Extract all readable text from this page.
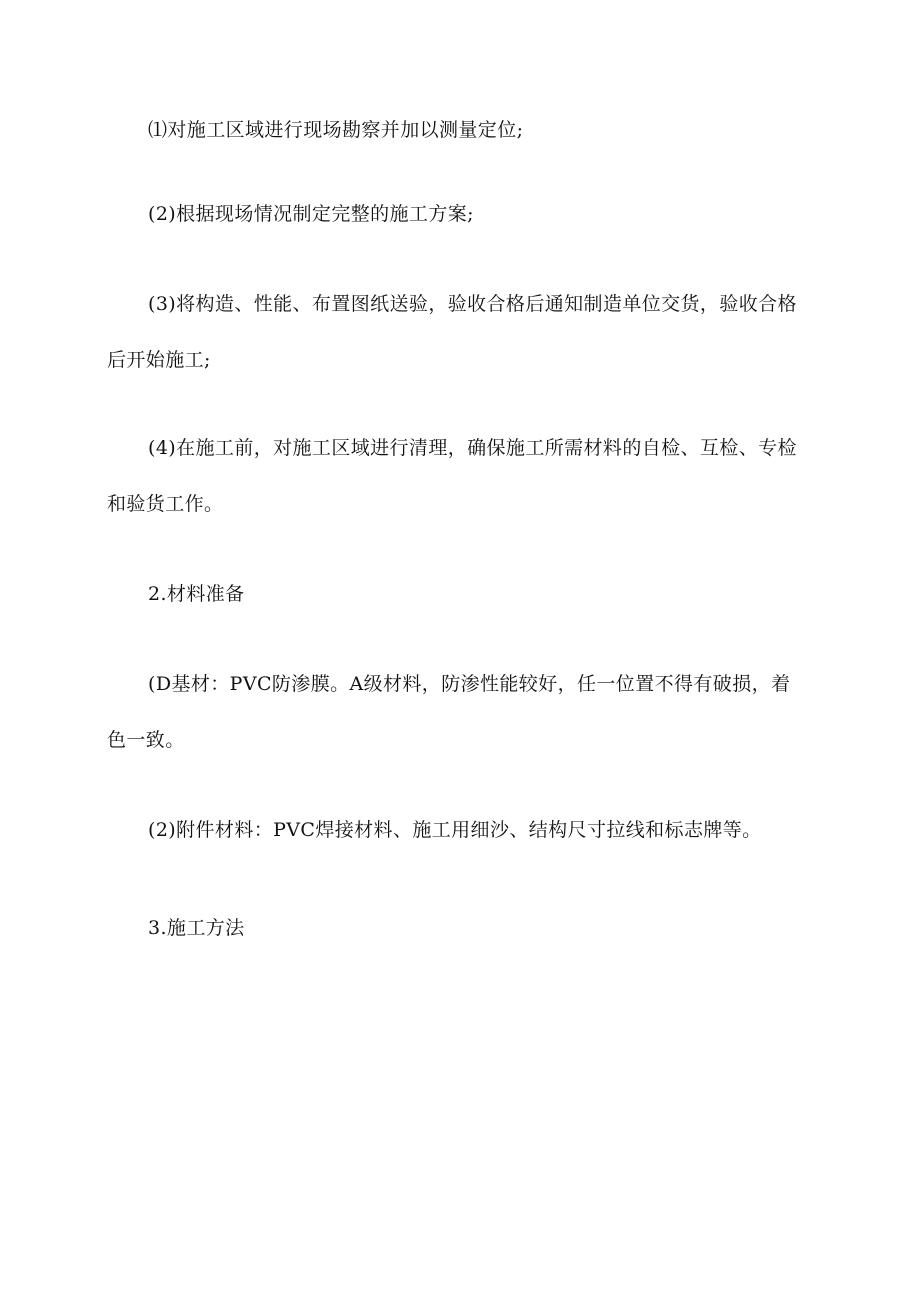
⑴对施工区域进行现场勘察并加以测量定位;

(2)根据现场情况制定完整的施工方案;

(3)将构造、性能、布置图纸送验，验收合格后通知制造单位交货，验收合格后开始施工;

(4)在施工前，对施工区域进行清理，确保施工所需材料的自检、互检、专检和验货工作。

2.材料准备

(D基材：PVC防渗膜。A级材料，防渗性能较好，任一位置不得有破损，着色一致。

(2)附件材料：PVC焊接材料、施工用细沙、结构尺寸拉线和标志牌等。

3.施工方法
